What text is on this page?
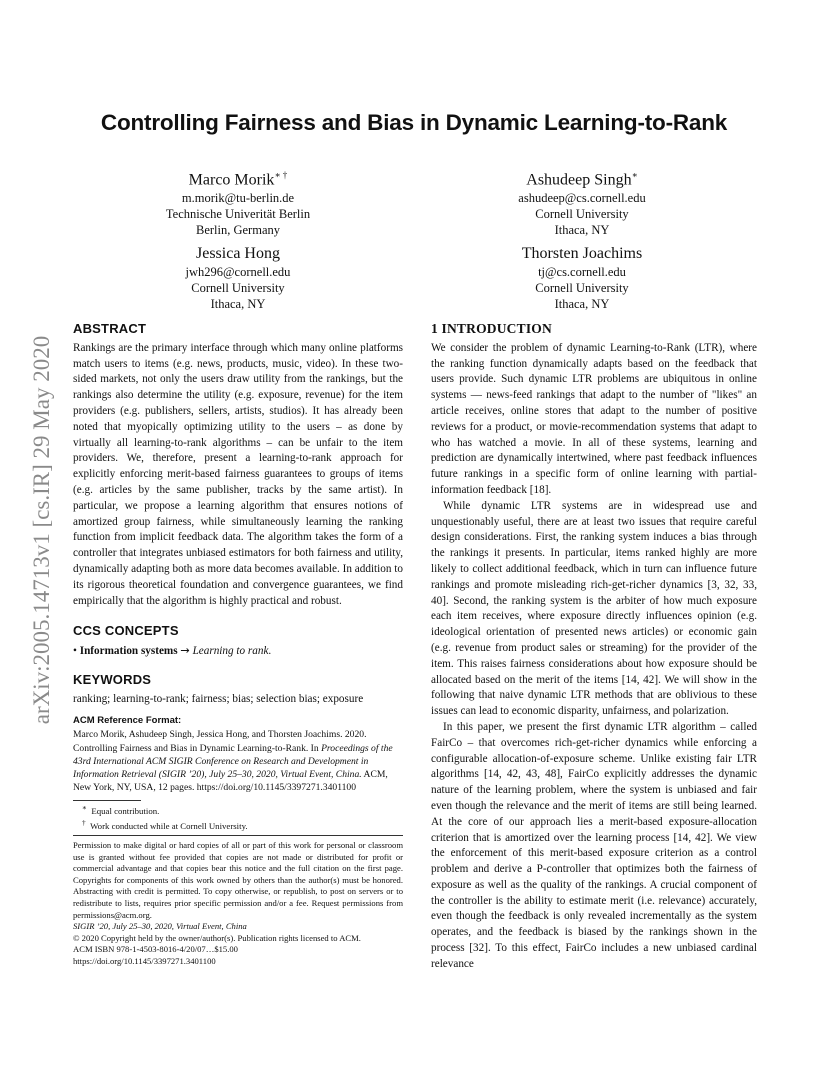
Controlling Fairness and Bias in Dynamic Learning-to-Rank
arXiv:2005.14713v1 [cs.IR] 29 May 2020
Marco Morik∗ †
m.morik@tu-berlin.de
Technische Univerität Berlin
Berlin, Germany
Ashudeep Singh∗
ashudeep@cs.cornell.edu
Cornell University
Ithaca, NY
Jessica Hong
jwh296@cornell.edu
Cornell University
Ithaca, NY
Thorsten Joachims
tj@cs.cornell.edu
Cornell University
Ithaca, NY
ABSTRACT

Rankings are the primary interface through which many online platforms match users to items (e.g. news, products, music, video). In these two-sided markets, not only the users draw utility from the rankings, but the rankings also determine the utility (e.g. exposure, revenue) for the item providers (e.g. publishers, sellers, artists, studios). It has already been noted that myopically optimizing utility to the users – as done by virtually all learning-to-rank algorithms – can be unfair to the item providers. We, therefore, present a learning-to-rank approach for explicitly enforcing merit-based fairness guarantees to groups of items (e.g. articles by the same publisher, tracks by the same artist). In particular, we propose a learning algorithm that ensures notions of amortized group fairness, while simultaneously learning the ranking function from implicit feedback data. The algorithm takes the form of a controller that integrates unbiased estimators for both fairness and utility, dynamically adapting both as more data becomes available. In addition to its rigorous theoretical foundation and convergence guarantees, we find empirically that the algorithm is highly practical and robust.

CCS CONCEPTS

• Information systems → Learning to rank.

KEYWORDS

ranking; learning-to-rank; fairness; bias; selection bias; exposure

ACM Reference Format:

Marco Morik, Ashudeep Singh, Jessica Hong, and Thorsten Joachims. 2020. Controlling Fairness and Bias in Dynamic Learning-to-Rank. In Proceedings of the 43rd International ACM SIGIR Conference on Research and Development in Information Retrieval (SIGIR ’20), July 25–30, 2020, Virtual Event, China. ACM, New York, NY, USA, 12 pages. https://doi.org/10.1145/3397271.3401100

∗ Equal contribution.
† Work conducted while at Cornell University.

Permission to make digital or hard copies of all or part of this work for personal or classroom use is granted without fee provided that copies are not made or distributed for profit or commercial advantage and that copies bear this notice and the full citation on the first page. Copyrights for components of this work owned by others than the author(s) must be honored. Abstracting with credit is permitted. To copy otherwise, or republish, to post on servers or to redistribute to lists, requires prior specific permission and/or a fee. Request permissions from permissions@acm.org.

SIGIR ’20, July 25–30, 2020, Virtual Event, China
© 2020 Copyright held by the owner/author(s). Publication rights licensed to ACM.
ACM ISBN 978-1-4503-8016-4/20/07…$15.00
https://doi.org/10.1145/3397271.3401100
1 INTRODUCTION

We consider the problem of dynamic Learning-to-Rank (LTR), where the ranking function dynamically adapts based on the feedback that users provide. Such dynamic LTR problems are ubiquitous in online systems — news-feed rankings that adapt to the number of "likes" an article receives, online stores that adapt to the number of positive reviews for a product, or movie-recommendation systems that adapt to who has watched a movie. In all of these systems, learning and prediction are dynamically intertwined, where past feedback influences future rankings in a specific form of online learning with partial-information feedback [18].

While dynamic LTR systems are in widespread use and unquestionably useful, there are at least two issues that require careful design considerations. First, the ranking system induces a bias through the rankings it presents. In particular, items ranked highly are more likely to collect additional feedback, which in turn can influence future rankings and promote misleading rich-get-richer dynamics [3, 32, 33, 40]. Second, the ranking system is the arbiter of how much exposure each item receives, where exposure directly influences opinion (e.g. ideological orientation of presented news articles) or economic gain (e.g. revenue from product sales or streaming) for the provider of the item. This raises fairness considerations about how exposure should be allocated based on the merit of the items [14, 42]. We will show in the following that naive dynamic LTR methods that are oblivious to these issues can lead to economic disparity, unfairness, and polarization.

In this paper, we present the first dynamic LTR algorithm – called FairCo – that overcomes rich-get-richer dynamics while enforcing a configurable allocation-of-exposure scheme. Unlike existing fair LTR algorithms [14, 42, 43, 48], FairCo explicitly addresses the dynamic nature of the learning problem, where the system is unbiased and fair even though the relevance and the merit of items are still being learned. At the core of our approach lies a merit-based exposure-allocation criterion that is amortized over the learning process [14, 42]. We view the enforcement of this merit-based exposure criterion as a control problem and derive a P-controller that optimizes both the fairness of exposure as well as the quality of the rankings. A crucial component of the controller is the ability to estimate merit (i.e. relevance) accurately, even though the feedback is only revealed incrementally as the system operates, and the feedback is biased by the rankings shown in the process [32]. To this effect, FairCo includes a new unbiased cardinal relevance
